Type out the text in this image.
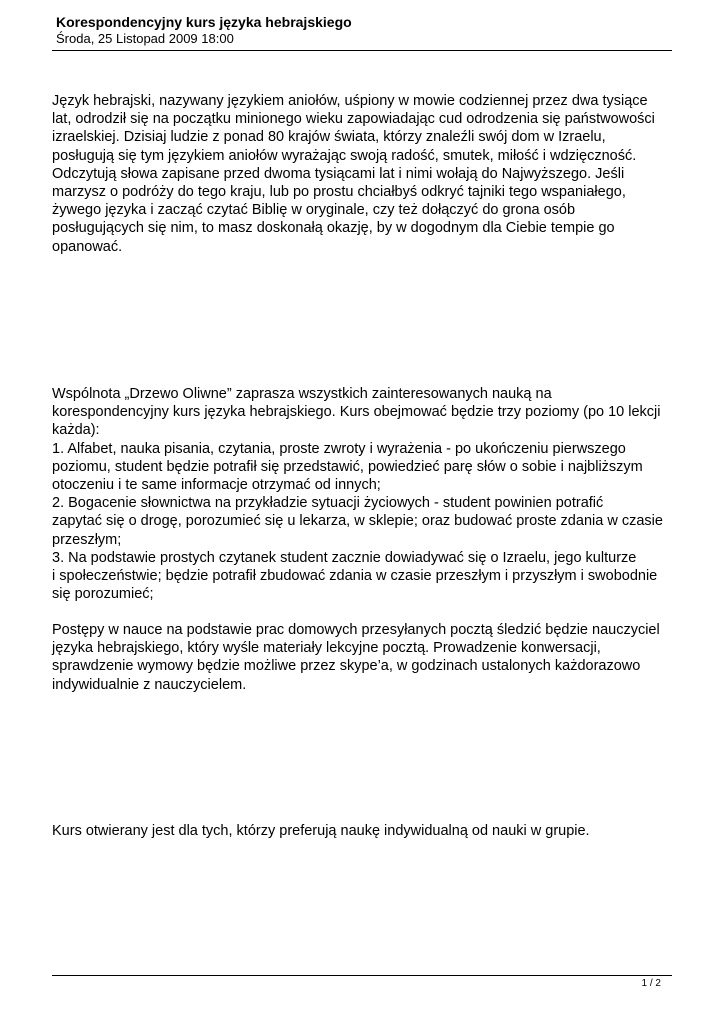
Korespondencyjny kurs języka hebrajskiego

Środa, 25 Listopad 2009 18:00

Język hebrajski, nazywany językiem aniołów, uśpiony w mowie codziennej przez dwa tysiące
lat, odrodził się na początku minionego wieku zapowiadając cud odrodzenia się państwowości
izraelskiej. Dzisiaj ludzie z ponad 80 krajów świata, którzy znaleźli swój dom w Izraelu,
posługują się tym językiem aniołów wyrażając swoją radość, smutek, miłość i wdzięczność.
Odczytują słowa zapisane przed dwoma tysiącami lat i nimi wołają do Najwyższego. Jeśli
marzysz o podróży do tego kraju, lub po prostu chciałbyś odkryć tajniki tego wspaniałego,
żywego języka i zacząć czytać Biblię w oryginale, czy też dołączyć do grona osób
posługujących się nim, to masz doskonałą okazję, by w dogodnym dla Ciebie tempie go
opanować.

Wspólnota „Drzewo Oliwne” zaprasza wszystkich zainteresowanych nauką na
korespondencyjny kurs języka hebrajskiego. Kurs obejmować będzie trzy poziomy (po 10 lekcji
każda):
1. Alfabet, nauka pisania, czytania, proste zwroty i wyrażenia - po ukończeniu pierwszego
poziomu, student będzie potrafił się przedstawić, powiedzieć parę słów o sobie i najbliższym
otoczeniu i te same informacje otrzymać od innych;
2. Bogacenie słownictwa na przykładzie sytuacji życiowych - student powinien potrafić
zapytać się o drogę, porozumieć się u lekarza, w sklepie; oraz budować proste zdania w czasie
przeszłym;
3. Na podstawie prostych czytanek student zacznie dowiadywać się o Izraelu, jego kulturze
i społeczeństwie; będzie potrafił zbudować zdania w czasie przeszłym i przyszłym i swobodnie
się porozumieć;

Postępy w nauce na podstawie prac domowych przesyłanych pocztą śledzić będzie nauczyciel
języka hebrajskiego, który wyśle materiały lekcyjne pocztą. Prowadzenie konwersacji,
sprawdzenie wymowy będzie możliwe przez skype’a, w godzinach ustalonych każdorazowo
indywidualnie z nauczycielem.

Kurs otwierany jest dla tych, którzy preferują naukę indywidualną od nauki w grupie.

1 / 2
